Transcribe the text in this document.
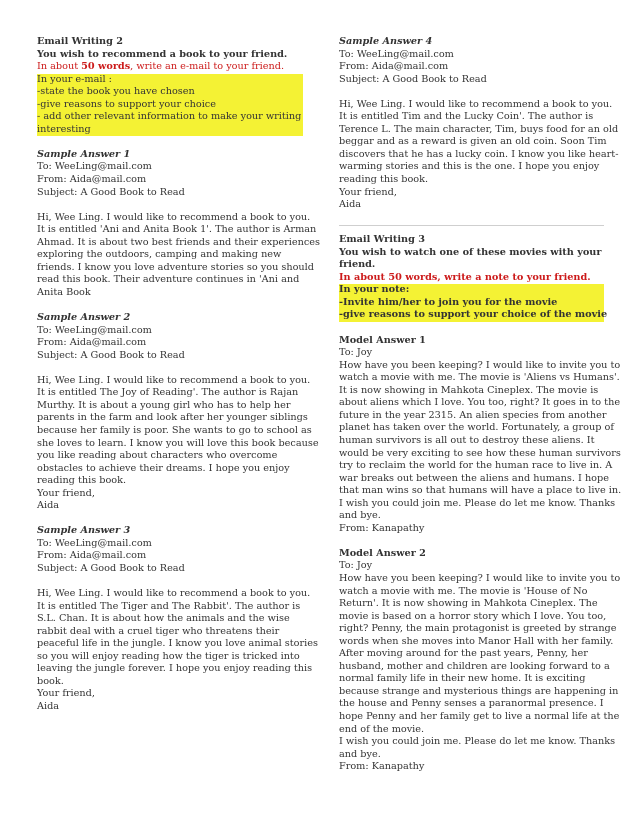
Email Writing 2
You wish to recommend a book to your friend.
In about 50 words, write an e-mail to your friend.
In your e-mail :
-state the book you have chosen
-give reasons to support your choice
- add other relevant information to make your writing
interesting
Sample Answer 1
To: WeeLing@mail.com
From: Aida@mail.com
Subject: A Good Book to Read
Hi, Wee Ling. I would like to recommend a book to you.
It is entitled 'Ani and Anita Book 1'. The author is Arman
Ahmad. It is about two best friends and their experiences
exploring the outdoors, camping and making new
friends. I know you love adventure stories so you should
read this book. Their adventure continues in 'Ani and
Anita Book
Sample Answer 2
To: WeeLing@mail.com
From: Aida@mail.com
Subject: A Good Book to Read
Hi, Wee Ling. I would like to recommend a book to you.
It is entitled The Joy of Reading'. The author is Rajan
Murthy. It is about a young girl who has to help her
parents in the farm and look after her younger siblings
because her family is poor. She wants to go to school as
she loves to learn. I know you will love this book because
you like reading about characters who overcome
obstacles to achieve their dreams. I hope you enjoy
reading this book.
Your friend,
Aida
Sample Answer 3
To: WeeLing@mail.com
From: Aida@mail.com
Subject: A Good Book to Read
Hi, Wee Ling. I would like to recommend a book to you.
It is entitled The Tiger and The Rabbit'. The author is
S.L. Chan. It is about how the animals and the wise
rabbit deal with a cruel tiger who threatens their
peaceful life in the jungle. I know you love animal stories
so you will enjoy reading how the tiger is tricked into
leaving the jungle forever. I hope you enjoy reading this
book.
Your friend,
Aida
Sample Answer 4
To: WeeLing@mail.com
From: Aida@mail.com
Subject: A Good Book to Read
Hi, Wee Ling. I would like to recommend a book to you.
It is entitled Tim and the Lucky Coin'. The author is
Terence L. The main character, Tim, buys food for an old
beggar and as a reward is given an old coin. Soon Tim
discovers that he has a lucky coin. I know you like heart-
warming stories and this is the one. I hope you enjoy
reading this book.
Your friend,
Aida
Email Writing 3
You wish to watch one of these movies with your
friend.
In about 50 words, write a note to your friend.
In your note:
-Invite him/her to join you for the movie
-give reasons to support your choice of the movie
Model Answer 1
To: Joy
How have you been keeping? I would like to invite you to
watch a movie with me. The movie is 'Aliens vs Humans'.
It is now showing in Mahkota Cineplex. The movie is
about aliens which I love. You too, right? It goes in to the
future in the year 2315. An alien species from another
planet has taken over the world. Fortunately, a group of
human survivors is all out to destroy these aliens. It
would be very exciting to see how these human survivors
try to reclaim the world for the human race to live in. A
war breaks out between the aliens and humans. I hope
that man wins so that humans will have a place to live in.
I wish you could join me. Please do let me know. Thanks
and bye.
From: Kanapathy
Model Answer 2
To: Joy
How have you been keeping? I would like to invite you to
watch a movie with me. The movie is 'House of No
Return'. It is now showing in Mahkota Cineplex. The
movie is based on a horror story which I love. You too,
right? Penny, the main protagonist is greeted by strange
words when she moves into Manor Hall with her family.
After moving around for the past years, Penny, her
husband, mother and children are looking forward to a
normal family life in their new home. It is exciting
because strange and mysterious things are happening in
the house and Penny senses a paranormal presence. I
hope Penny and her family get to live a normal life at the
end of the movie.
I wish you could join me. Please do let me know. Thanks
and bye.
From: Kanapathy
